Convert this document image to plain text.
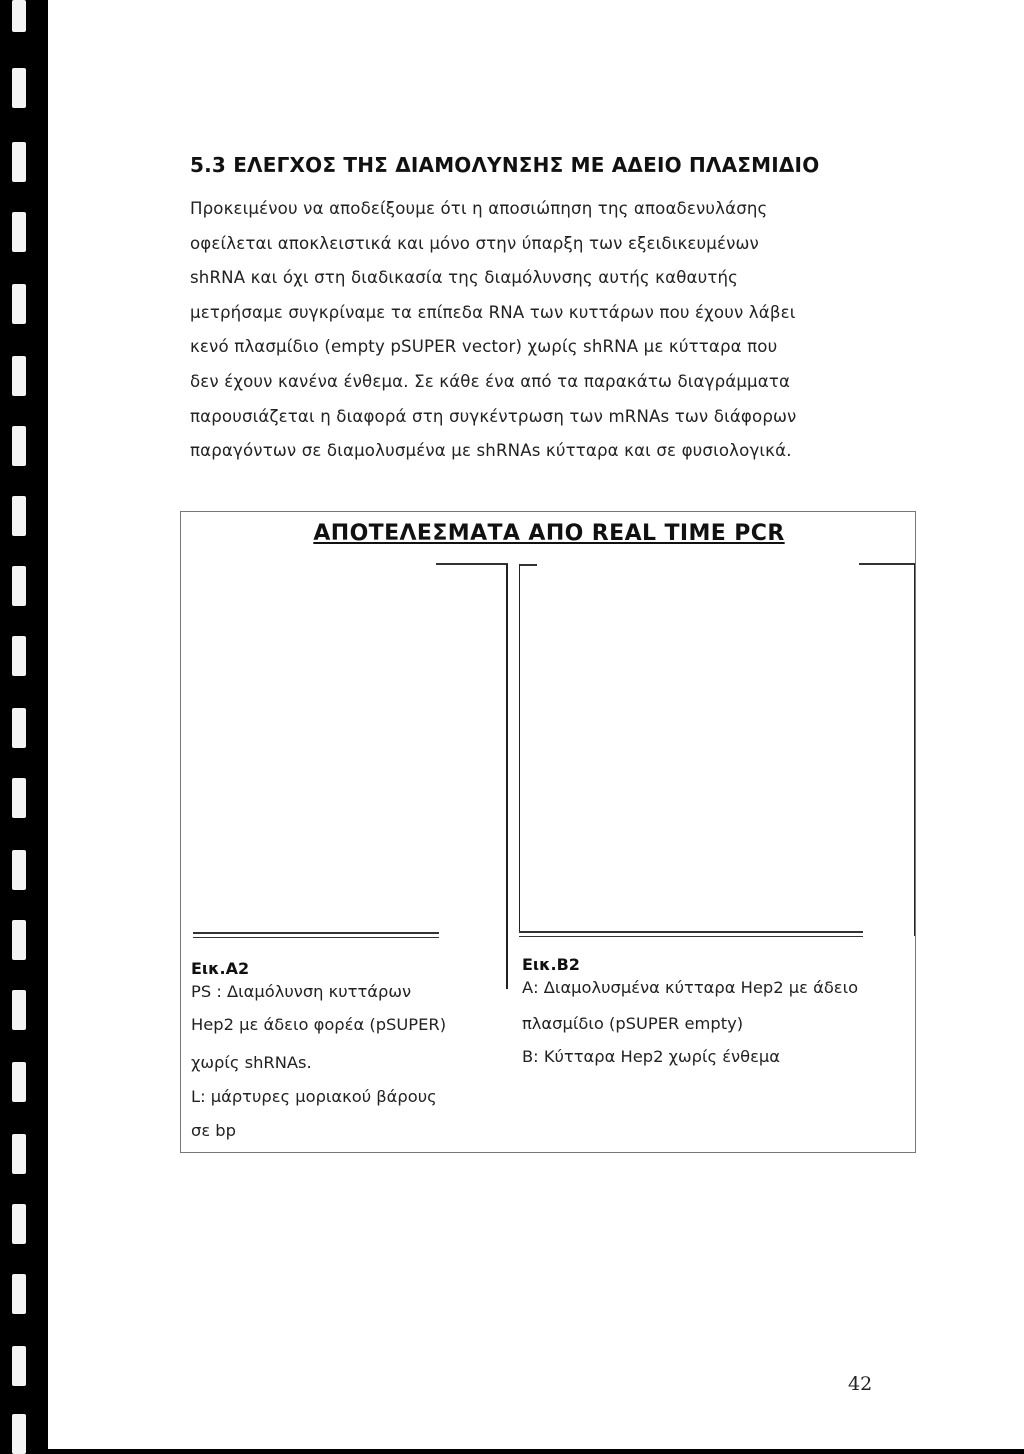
5.3 ΕΛΕΓΧΟΣ ΤΗΣ ΔΙΑΜΟΛΥΝΣΗΣ ΜΕ ΑΔΕΙΟ ΠΛΑΣΜΙΔΙΟ
Προκειμένου να αποδείξουμε ότι η αποσιώπηση της αποαδενυλάσης
οφείλεται αποκλειστικά και μόνο στην ύπαρξη των εξειδικευμένων
shRNA και όχι στη διαδικασία της διαμόλυνσης αυτής καθαυτής
μετρήσαμε συγκρίναμε τα επίπεδα RNA των κυττάρων που έχουν λάβει
κενό πλασμίδιο (empty pSUPER vector) χωρίς shRNA με κύτταρα που
δεν έχουν κανένα ένθεμα. Σε κάθε ένα από τα παρακάτω διαγράμματα
παρουσιάζεται η διαφορά στη συγκέντρωση των mRNAs των διάφορων
παραγόντων σε διαμολυσμένα με shRNAs κύτταρα και σε φυσιολογικά.
ΑΠΟΤΕΛΕΣΜΑΤΑ ΑΠΟ REAL TIME PCR
Εικ.Α2
PS : Διαμόλυνση κυττάρων
Hep2 με άδειο φορέα (pSUPER)
χωρίς shRNAs.
L: μάρτυρες μοριακού βάρους
σε bp
Εικ.Β2
Α: Διαμολυσμένα κύτταρα Hep2 με άδειο
πλασμίδιο (pSUPER empty)
Β: Κύτταρα Hep2 χωρίς ένθεμα
42
